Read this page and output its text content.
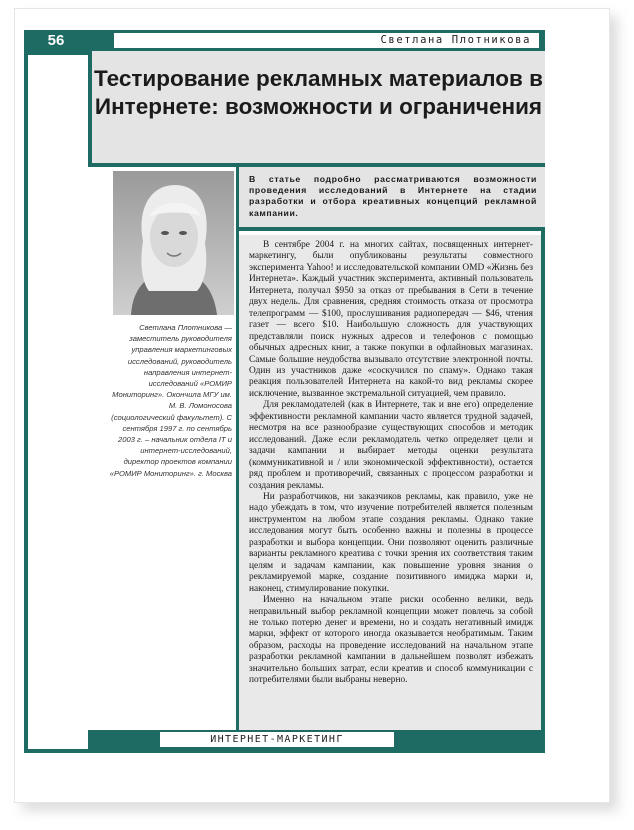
56	Светлана Плотникова
Тестирование рекламных материалов в Интернете: возможности и ограничения
Светлана Плотникова — заместитель руководителя управления маркетинговых исследований, руководитель направления интернет-исследований «РОМИР Мониторинг». Окончила МГУ им. М. В. Ломоносова (социологический факультет). С сентября 1997 г. по сентябрь 2003 г. – начальник отдела IT и интернет-исследований, директор проектов компании «РОМИР Мониторинг». г. Москва

В статье подробно рассматриваются возможности проведения исследований в Интернете на стадии разработки и отбора креативных концепций рекламной кампании.

В сентябре 2004 г. на многих сайтах, посвященных интернет-маркетингу, были опубликованы результаты совместного эксперимента Yahoo! и исследовательской компании OMD «Жизнь без Интернета». Каждый участник эксперимента, активный пользователь Интернета, получал $950 за отказ от пребывания в Сети в течение двух недель. Для сравнения, средняя стоимость отказа от просмотра телепрограмм — $100, прослушивания радиопередач — $46, чтения газет — всего $10. Наибольшую сложность для участвующих представляли поиск нужных адресов и телефонов с помощью обычных адресных книг, а также покупки в офлайновых магазинах. Самые большие неудобства вызывало отсутствие электронной почты. Один из участников даже «соскучился по спаму». Однако такая реакция пользователей Интернета на какой-то вид рекламы скорее исключение, вызванное экстремальной ситуацией, чем правило.

Для рекламодателей (как в Интернете, так и вне его) определение эффективности рекламной кампании часто является трудной задачей, несмотря на все разнообразие существующих способов и методик исследований. Даже если рекламодатель четко определяет цели и задачи кампании и выбирает методы оценки результата (коммуникативной и / или экономической эффективности), остается ряд проблем и противоречий, связанных с процессом разработки и создания рекламы.

Ни разработчиков, ни заказчиков рекламы, как правило, уже не надо убеждать в том, что изучение потребителей является полезным инструментом на любом этапе создания рекламы. Однако такие исследования могут быть особенно важны и полезны в процессе разработки и выбора концепции. Они позволяют оценить различные варианты рекламного креатива с точки зрения их соответствия таким целям и задачам кампании, как повышение уровня знания о рекламируемой марке, создание позитивного имиджа марки и, наконец, стимулирование покупки.

Именно на начальном этапе риски особенно велики, ведь неправильный выбор рекламной концепции может повлечь за собой не только потерю денег и времени, но и создать негативный имидж марки, эффект от которого иногда оказывается необратимым. Таким образом, расходы на проведение исследований на начальном этапе разработки рекламной кампании в дальнейшем позволят избежать значительно больших затрат, если креатив и способ коммуникации с потребителями были выбраны неверно.

ИНТЕРНЕТ-МАРКЕТИНГ
